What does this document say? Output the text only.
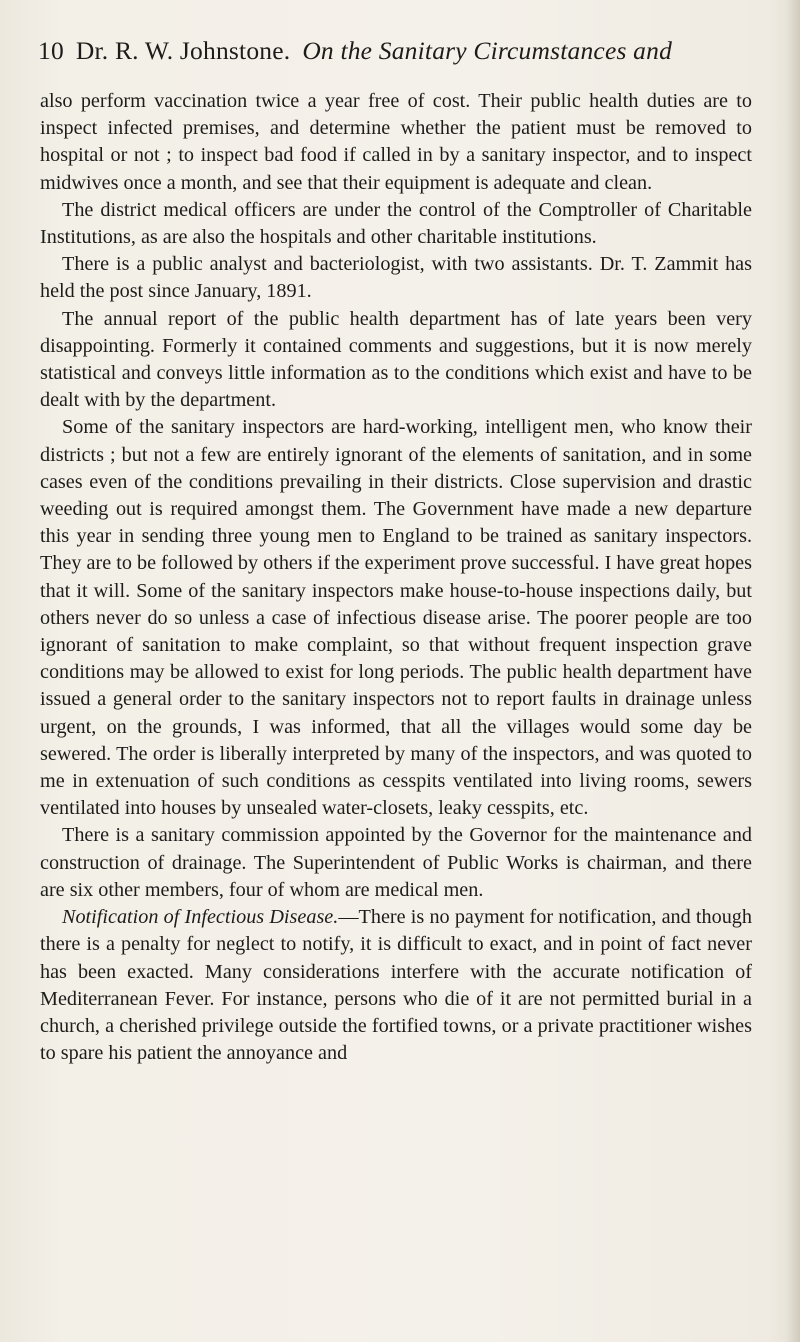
10 Dr. R. W. Johnstone. On the Sanitary Circumstances and

also perform vaccination twice a year free of cost. Their public health duties are to inspect infected premises, and determine whether the patient must be removed to hospital or not ; to inspect bad food if called in by a sanitary inspector, and to inspect midwives once a month, and see that their equipment is adequate and clean.

The district medical officers are under the control of the Comptroller of Charitable Institutions, as are also the hospitals and other charitable institutions.

There is a public analyst and bacteriologist, with two assistants. Dr. T. Zammit has held the post since January, 1891.

The annual report of the public health department has of late years been very disappointing. Formerly it contained comments and suggestions, but it is now merely statistical and conveys little information as to the conditions which exist and have to be dealt with by the department.

Some of the sanitary inspectors are hard-working, intelligent men, who know their districts ; but not a few are entirely ignorant of the elements of sanitation, and in some cases even of the conditions prevailing in their districts. Close supervision and drastic weeding out is required amongst them. The Government have made a new departure this year in sending three young men to England to be trained as sanitary inspectors. They are to be followed by others if the experiment prove successful. I have great hopes that it will. Some of the sanitary inspectors make house-to-house inspections daily, but others never do so unless a case of infectious disease arise. The poorer people are too ignorant of sanitation to make complaint, so that without frequent inspection grave conditions may be allowed to exist for long periods. The public health department have issued a general order to the sanitary inspectors not to report faults in drainage unless urgent, on the grounds, I was informed, that all the villages would some day be sewered. The order is liberally interpreted by many of the inspectors, and was quoted to me in extenuation of such conditions as cesspits ventilated into living rooms, sewers ventilated into houses by unsealed water-closets, leaky cesspits, etc.

There is a sanitary commission appointed by the Governor for the maintenance and construction of drainage. The Superintendent of Public Works is chairman, and there are six other members, four of whom are medical men.

Notification of Infectious Disease.—There is no payment for notification, and though there is a penalty for neglect to notify, it is difficult to exact, and in point of fact never has been exacted. Many considerations interfere with the accurate notification of Mediterranean Fever. For instance, persons who die of it are not permitted burial in a church, a cherished privilege outside the fortified towns, or a private practitioner wishes to spare his patient the annoyance and
